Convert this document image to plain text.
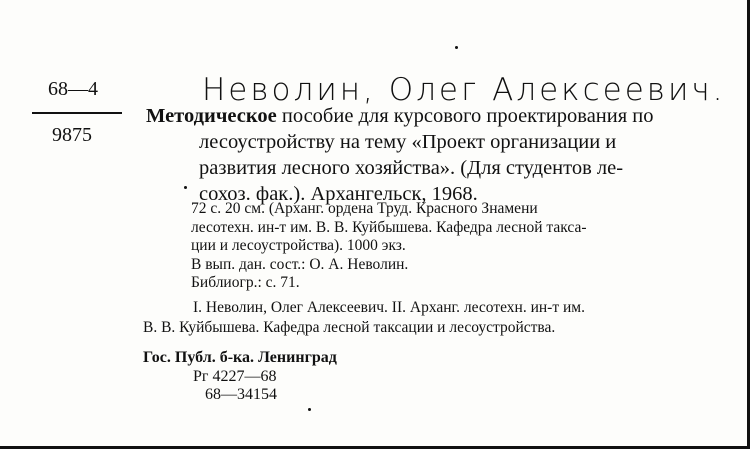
68—4
9875
Неволин, Олег Алексеевич.
Методическое пособие для курсового проектирования по
лесоустройству на тему «Проект организации и
развития лесного хозяйства». (Для студентов ле-
сохоз. фак.). Архангельск, 1968.
72 с. 20 см. (Арханг. ордена Труд. Красного Знамени
лесотехн. ин-т им. В. В. Куйбышева. Кафедра лесной такса-
ции и лесоустройства). 1000 экз.
В вып. дан. сост.: О. А. Неволин.
Библиогр.: с. 71.
I. Неволин, Олег Алексеевич. II. Арханг. лесотехн. ин-т им.
В. В. Куйбышева. Кафедра лесной таксации и лесоустройства.
Гос. Публ. б-ка. Ленинград
Рг 4227—68
68—34154
